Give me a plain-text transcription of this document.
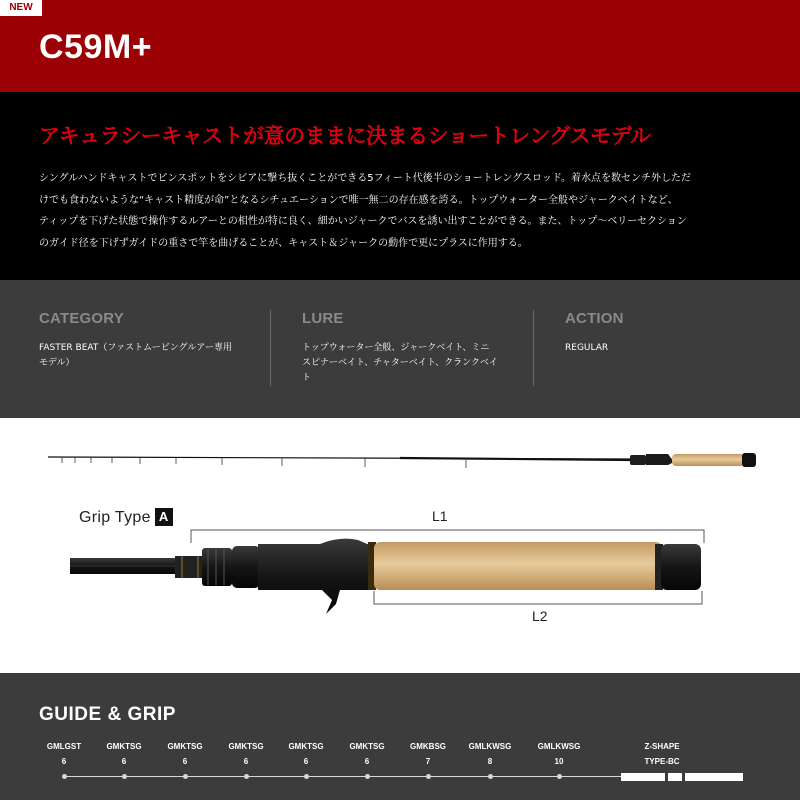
NEW
C59M+
アキュラシーキャストが意のままに決まるショートレングスモデル
シングルハンドキャストでピンスポットをシビアに撃ち抜くことができる5フィート代後半のショートレングスロッド。着水点を数センチ外しただ
けでも食わないような“キャスト精度が命”となるシチュエーションで唯一無二の存在感を誇る。トップウォーター全般やジャークベイトなど、
ティップを下げた状態で操作するルアーとの相性が特に良く、細かいジャークでバスを誘い出すことができる。また、トップ～ベリーセクション
のガイド径を下げずガイドの重さで竿を曲げることが、キャスト＆ジャークの動作で更にプラスに作用する。
CATEGORY
FASTER BEAT（ファストムービングルアー専用
モデル）
LURE
トップウォーター全般、ジャークベイト、ミニ
スピナーベイト、チャターベイト、クランクベイ
ト
ACTION
REGULAR
Grip Type A	L1
L2
GUIDE & GRIP
Z-SHAPE
TYPE-BC
GMLGST
6
GMKTSG
6
GMKTSG
6
GMKTSG
6
GMKTSG
6
GMKTSG
6
GMKBSG
7
GMLKWSG
8
GMLKWSG
10
